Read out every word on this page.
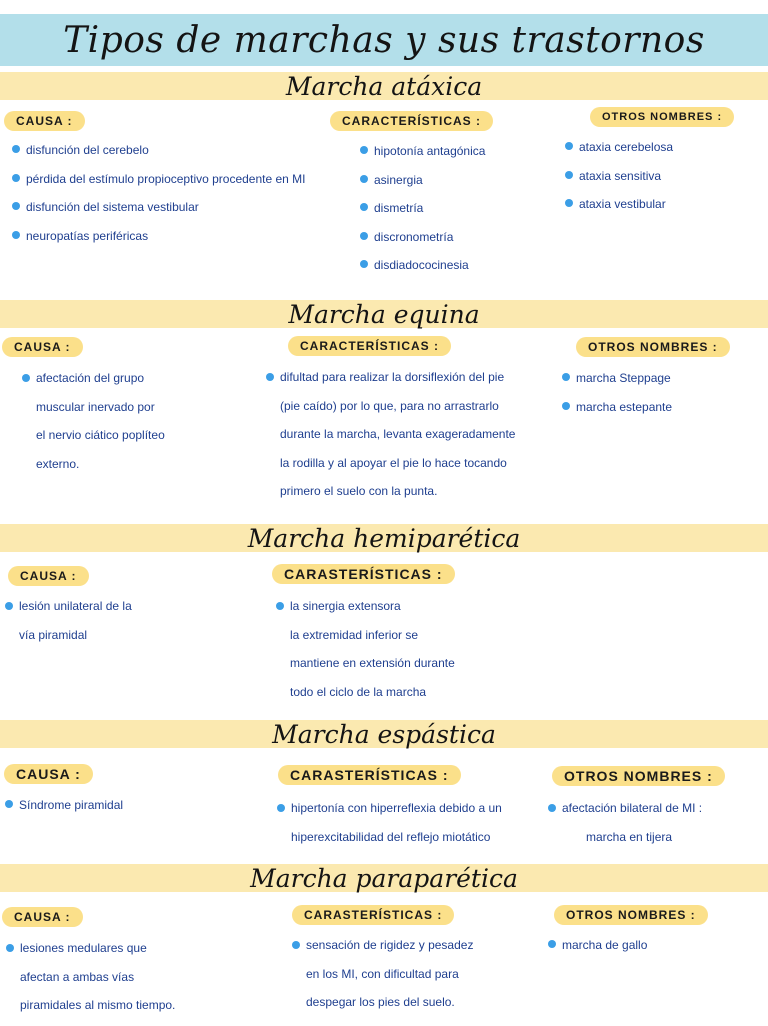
Tipos de marchas y sus trastornos
Marcha atáxica
CAUSA :
disfunción del cerebelo
pérdida del estímulo propioceptivo procedente en MI
disfunción del sistema vestibular
neuropatías periféricas
CARACTERÍSTICAS :
hipotonía antagónica
asinergia
dismetría
discronometría
disdiadococinesia
OTROS NOMBRES :
ataxia cerebelosa
ataxia sensitiva
ataxia vestibular
Marcha equina
CAUSA :
afectación del grupo
muscular inervado por
el nervio ciático poplíteo
externo.
CARACTERÍSTICAS :
difultad para realizar la dorsiflexión del pie
(pie caído) por lo que, para no arrastrarlo
durante la marcha, levanta exageradamente
la rodilla y al apoyar el pie lo hace tocando
primero el suelo con la punta.
OTROS NOMBRES :
marcha Steppage
marcha estepante
Marcha hemiparética
CAUSA :
lesión unilateral de la
vía piramidal
CARASTERÍSTICAS :
la sinergia extensora
la extremidad inferior se
mantiene en extensión durante
todo el ciclo de la marcha
Marcha espástica
CAUSA :
Síndrome piramidal
CARASTERÍSTICAS :
hipertonía con hiperreflexia debido a un
hiperexcitabilidad del reflejo miotático
OTROS NOMBRES :
afectación bilateral de MI :
marcha en tijera
Marcha paraparética
CAUSA :
lesiones medulares que
afectan a ambas vías
piramidales al mismo tiempo.
CARASTERÍSTICAS :
sensación de rigidez y pesadez
en los MI, con dificultad para
despegar los pies del suelo.
OTROS NOMBRES :
marcha de gallo
